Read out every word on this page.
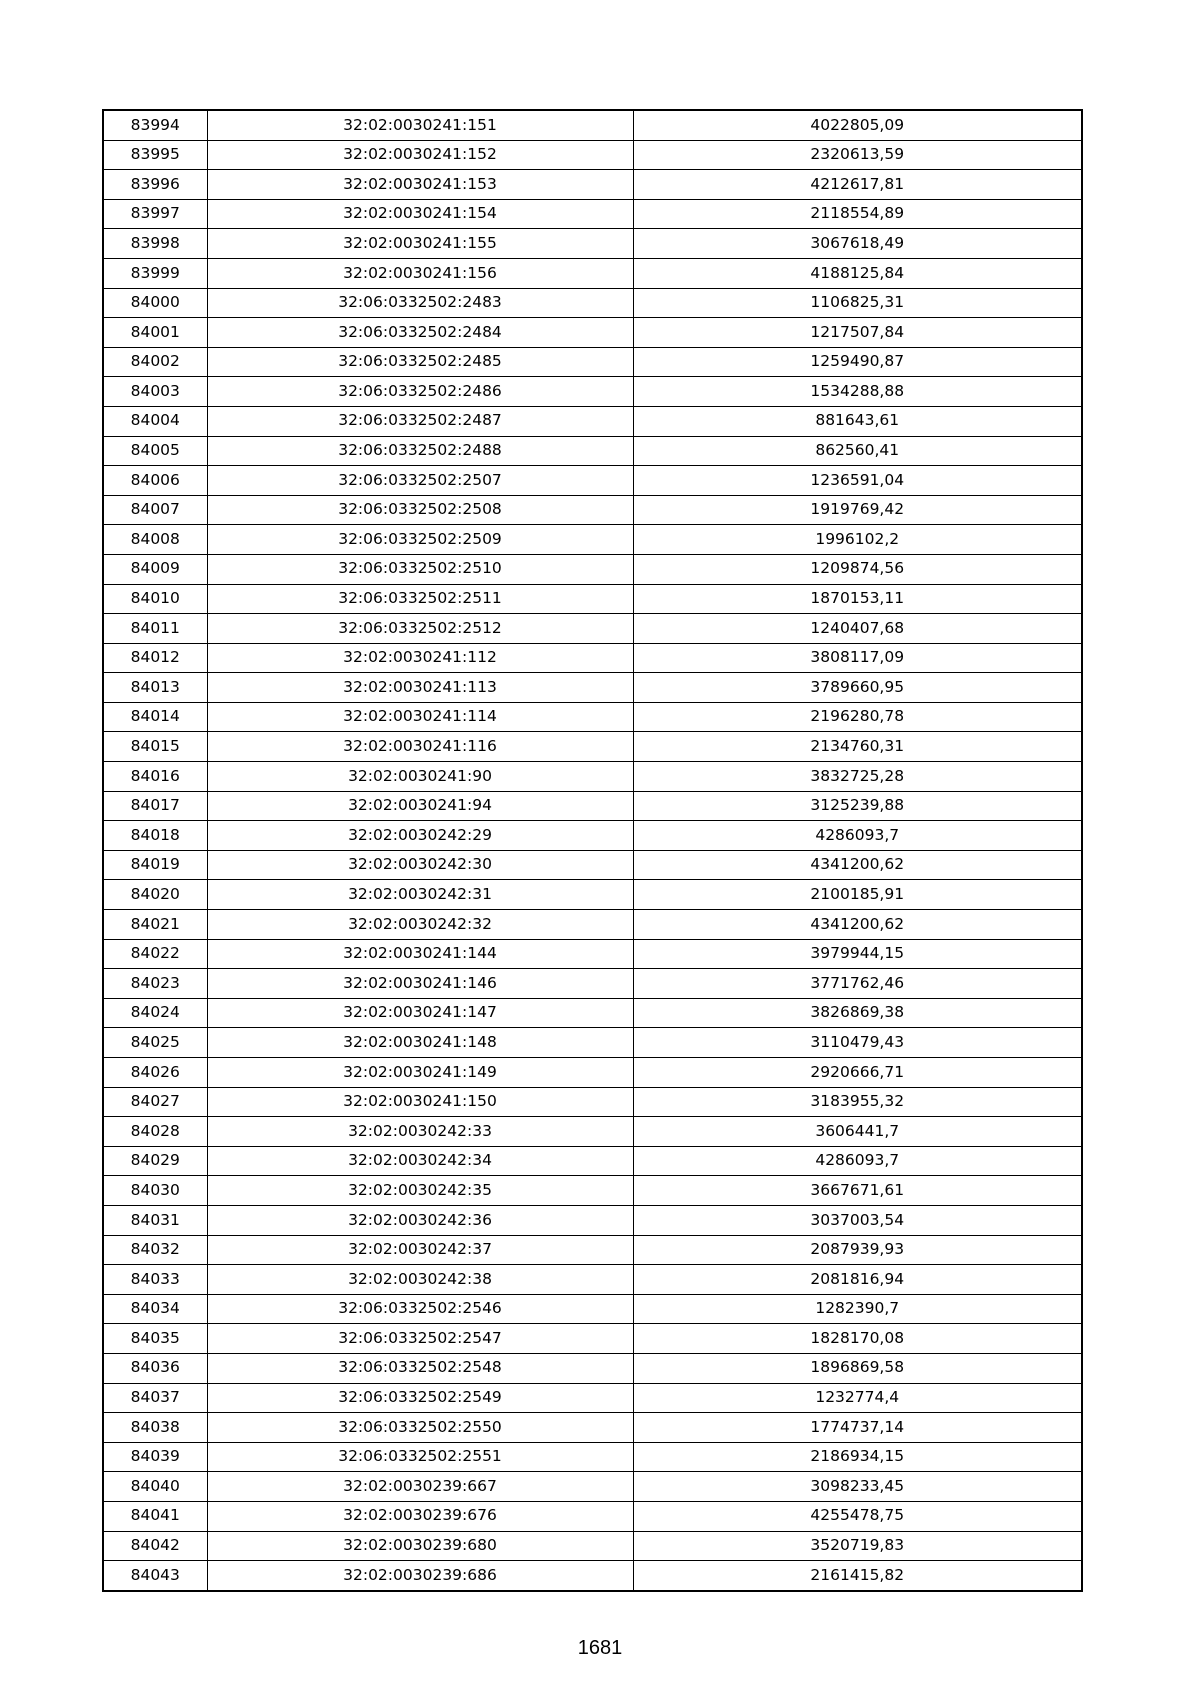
83994	32:02:0030241:151	4022805,09
83995	32:02:0030241:152	2320613,59
83996	32:02:0030241:153	4212617,81
83997	32:02:0030241:154	2118554,89
83998	32:02:0030241:155	3067618,49
83999	32:02:0030241:156	4188125,84
84000	32:06:0332502:2483	1106825,31
84001	32:06:0332502:2484	1217507,84
84002	32:06:0332502:2485	1259490,87
84003	32:06:0332502:2486	1534288,88
84004	32:06:0332502:2487	881643,61
84005	32:06:0332502:2488	862560,41
84006	32:06:0332502:2507	1236591,04
84007	32:06:0332502:2508	1919769,42
84008	32:06:0332502:2509	1996102,2
84009	32:06:0332502:2510	1209874,56
84010	32:06:0332502:2511	1870153,11
84011	32:06:0332502:2512	1240407,68
84012	32:02:0030241:112	3808117,09
84013	32:02:0030241:113	3789660,95
84014	32:02:0030241:114	2196280,78
84015	32:02:0030241:116	2134760,31
84016	32:02:0030241:90	3832725,28
84017	32:02:0030241:94	3125239,88
84018	32:02:0030242:29	4286093,7
84019	32:02:0030242:30	4341200,62
84020	32:02:0030242:31	2100185,91
84021	32:02:0030242:32	4341200,62
84022	32:02:0030241:144	3979944,15
84023	32:02:0030241:146	3771762,46
84024	32:02:0030241:147	3826869,38
84025	32:02:0030241:148	3110479,43
84026	32:02:0030241:149	2920666,71
84027	32:02:0030241:150	3183955,32
84028	32:02:0030242:33	3606441,7
84029	32:02:0030242:34	4286093,7
84030	32:02:0030242:35	3667671,61
84031	32:02:0030242:36	3037003,54
84032	32:02:0030242:37	2087939,93
84033	32:02:0030242:38	2081816,94
84034	32:06:0332502:2546	1282390,7
84035	32:06:0332502:2547	1828170,08
84036	32:06:0332502:2548	1896869,58
84037	32:06:0332502:2549	1232774,4
84038	32:06:0332502:2550	1774737,14
84039	32:06:0332502:2551	2186934,15
84040	32:02:0030239:667	3098233,45
84041	32:02:0030239:676	4255478,75
84042	32:02:0030239:680	3520719,83
84043	32:02:0030239:686	2161415,82
1681
